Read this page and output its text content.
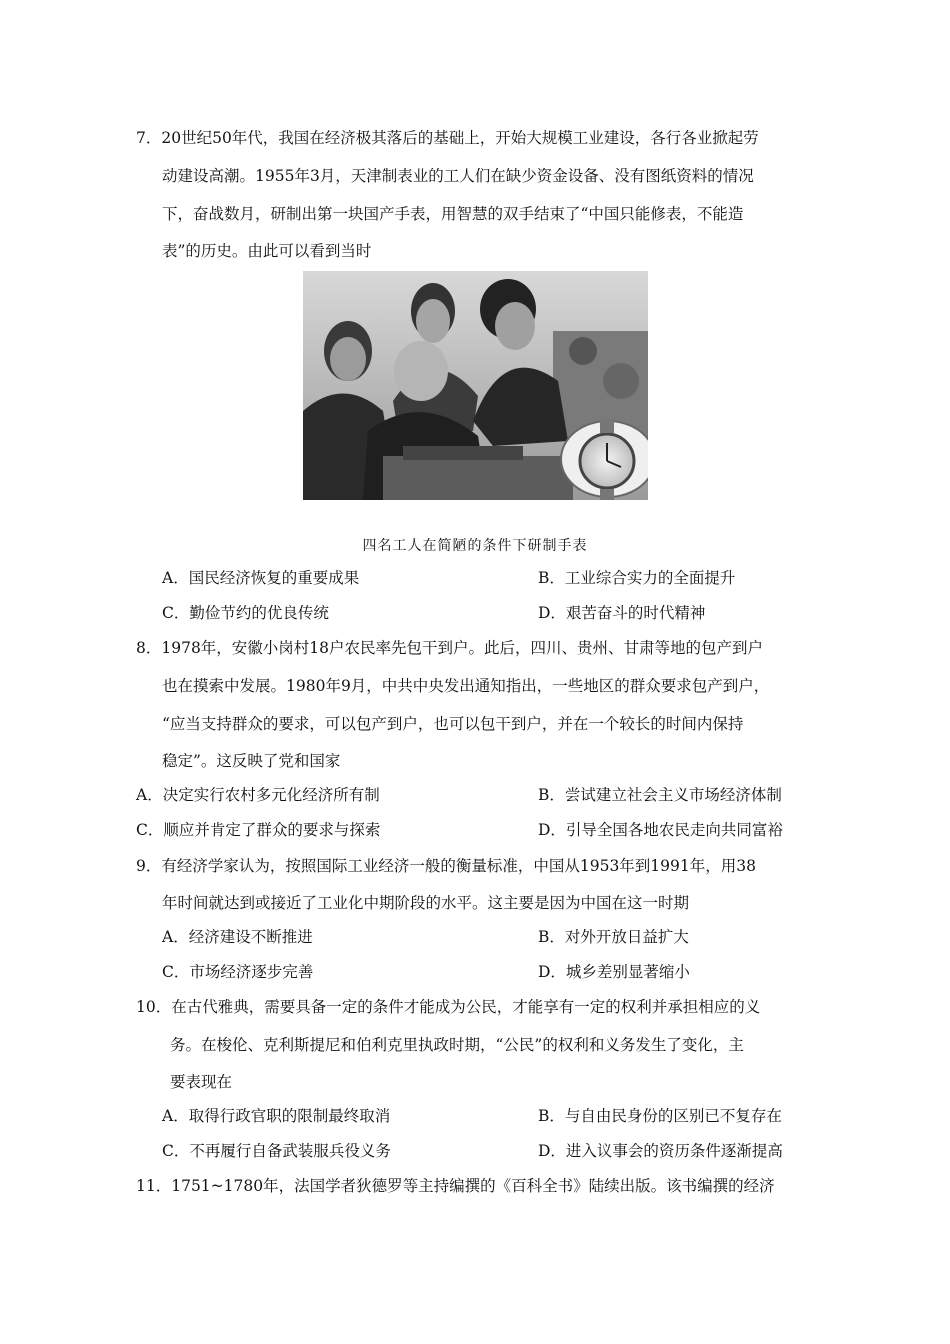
7．20世纪50年代，我国在经济极其落后的基础上，开始大规模工业建设，各行各业掀起劳
动建设高潮。1955年3月，天津制表业的工人们在缺少资金设备、没有图纸资料的情况
下，奋战数月，研制出第一块国产手表，用智慧的双手结束了“中国只能修表，不能造
表”的历史。由此可以看到当时
四名工人在简陋的条件下研制手表
A．国民经济恢复的重要成果	B．工业综合实力的全面提升
C．勤俭节约的优良传统	D．艰苦奋斗的时代精神
8．1978年，安徽小岗村18户农民率先包干到户。此后，四川、贵州、甘肃等地的包产到户
也在摸索中发展。1980年9月，中共中央发出通知指出，一些地区的群众要求包产到户，
“应当支持群众的要求，可以包产到户，也可以包干到户，并在一个较长的时间内保持
稳定”。这反映了党和国家
A．决定实行农村多元化经济所有制	B．尝试建立社会主义市场经济体制
C．顺应并肯定了群众的要求与探索	D．引导全国各地农民走向共同富裕
9．有经济学家认为，按照国际工业经济一般的衡量标准，中国从1953年到1991年，用38
年时间就达到或接近了工业化中期阶段的水平。这主要是因为中国在这一时期
A．经济建设不断推进	B．对外开放日益扩大
C．市场经济逐步完善	D．城乡差别显著缩小
10．在古代雅典，需要具备一定的条件才能成为公民，才能享有一定的权利并承担相应的义
务。在梭伦、克利斯提尼和伯利克里执政时期，“公民”的权利和义务发生了变化，主
要表现在
A．取得行政官职的限制最终取消	B．与自由民身份的区别已不复存在
C．不再履行自备武装服兵役义务	D．进入议事会的资历条件逐渐提高
11．1751~1780年，法国学者狄德罗等主持编撰的《百科全书》陆续出版。该书编撰的经济
